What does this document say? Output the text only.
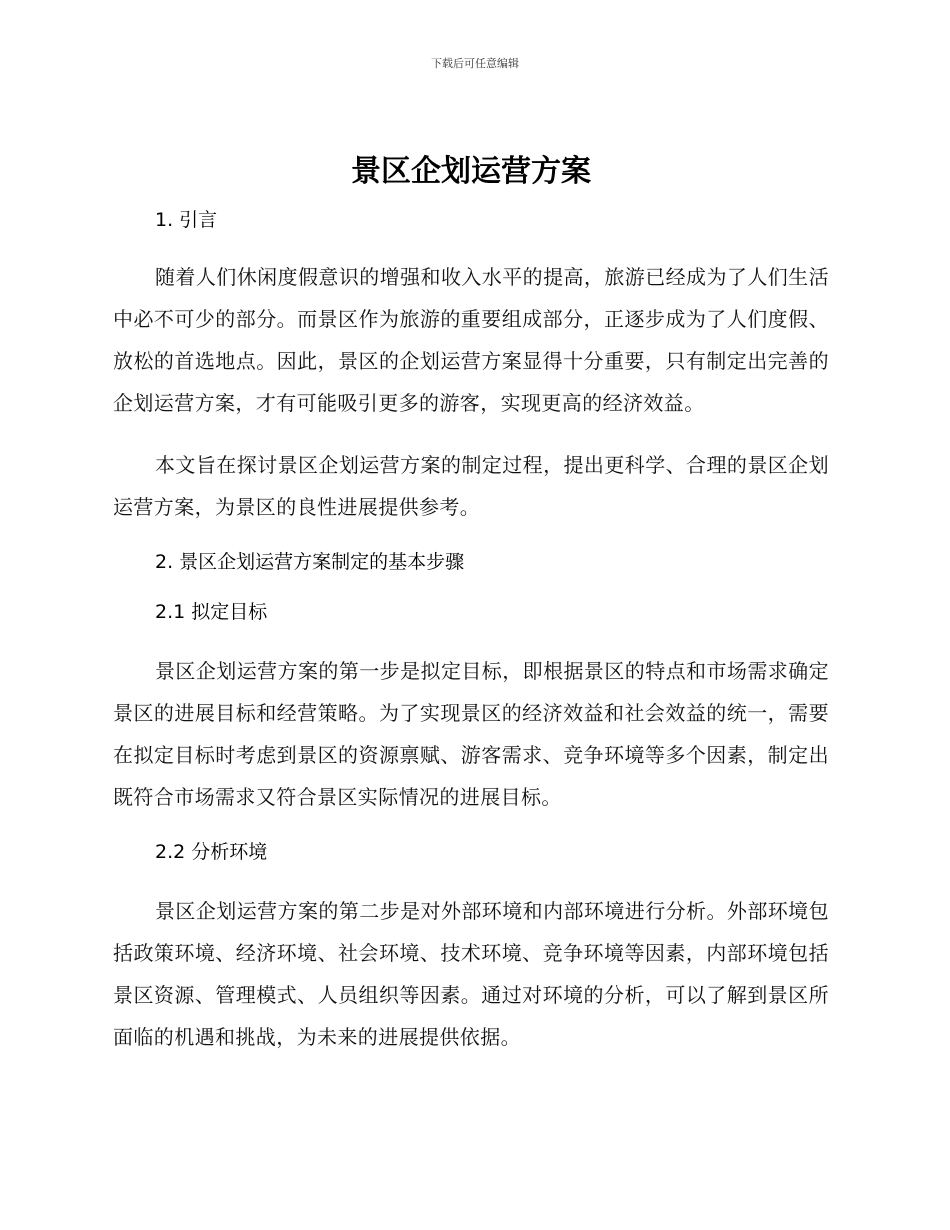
下载后可任意编辑
景区企划运营方案
1. 引言

随着人们休闲度假意识的增强和收入水平的提高，旅游已经成为了人们生活中必不可少的部分。而景区作为旅游的重要组成部分，正逐步成为了人们度假、放松的首选地点。因此，景区的企划运营方案显得十分重要，只有制定出完善的企划运营方案，才有可能吸引更多的游客，实现更高的经济效益。

本文旨在探讨景区企划运营方案的制定过程，提出更科学、合理的景区企划运营方案，为景区的良性进展提供参考。

2. 景区企划运营方案制定的基本步骤
2.1 拟定目标

景区企划运营方案的第一步是拟定目标，即根据景区的特点和市场需求确定景区的进展目标和经营策略。为了实现景区的经济效益和社会效益的统一，需要在拟定目标时考虑到景区的资源禀赋、游客需求、竞争环境等多个因素，制定出既符合市场需求又符合景区实际情况的进展目标。

2.2 分析环境

景区企划运营方案的第二步是对外部环境和内部环境进行分析。外部环境包括政策环境、经济环境、社会环境、技术环境、竞争环境等因素，内部环境包括景区资源、管理模式、人员组织等因素。通过对环境的分析，可以了解到景区所面临的机遇和挑战，为未来的进展提供依据。
